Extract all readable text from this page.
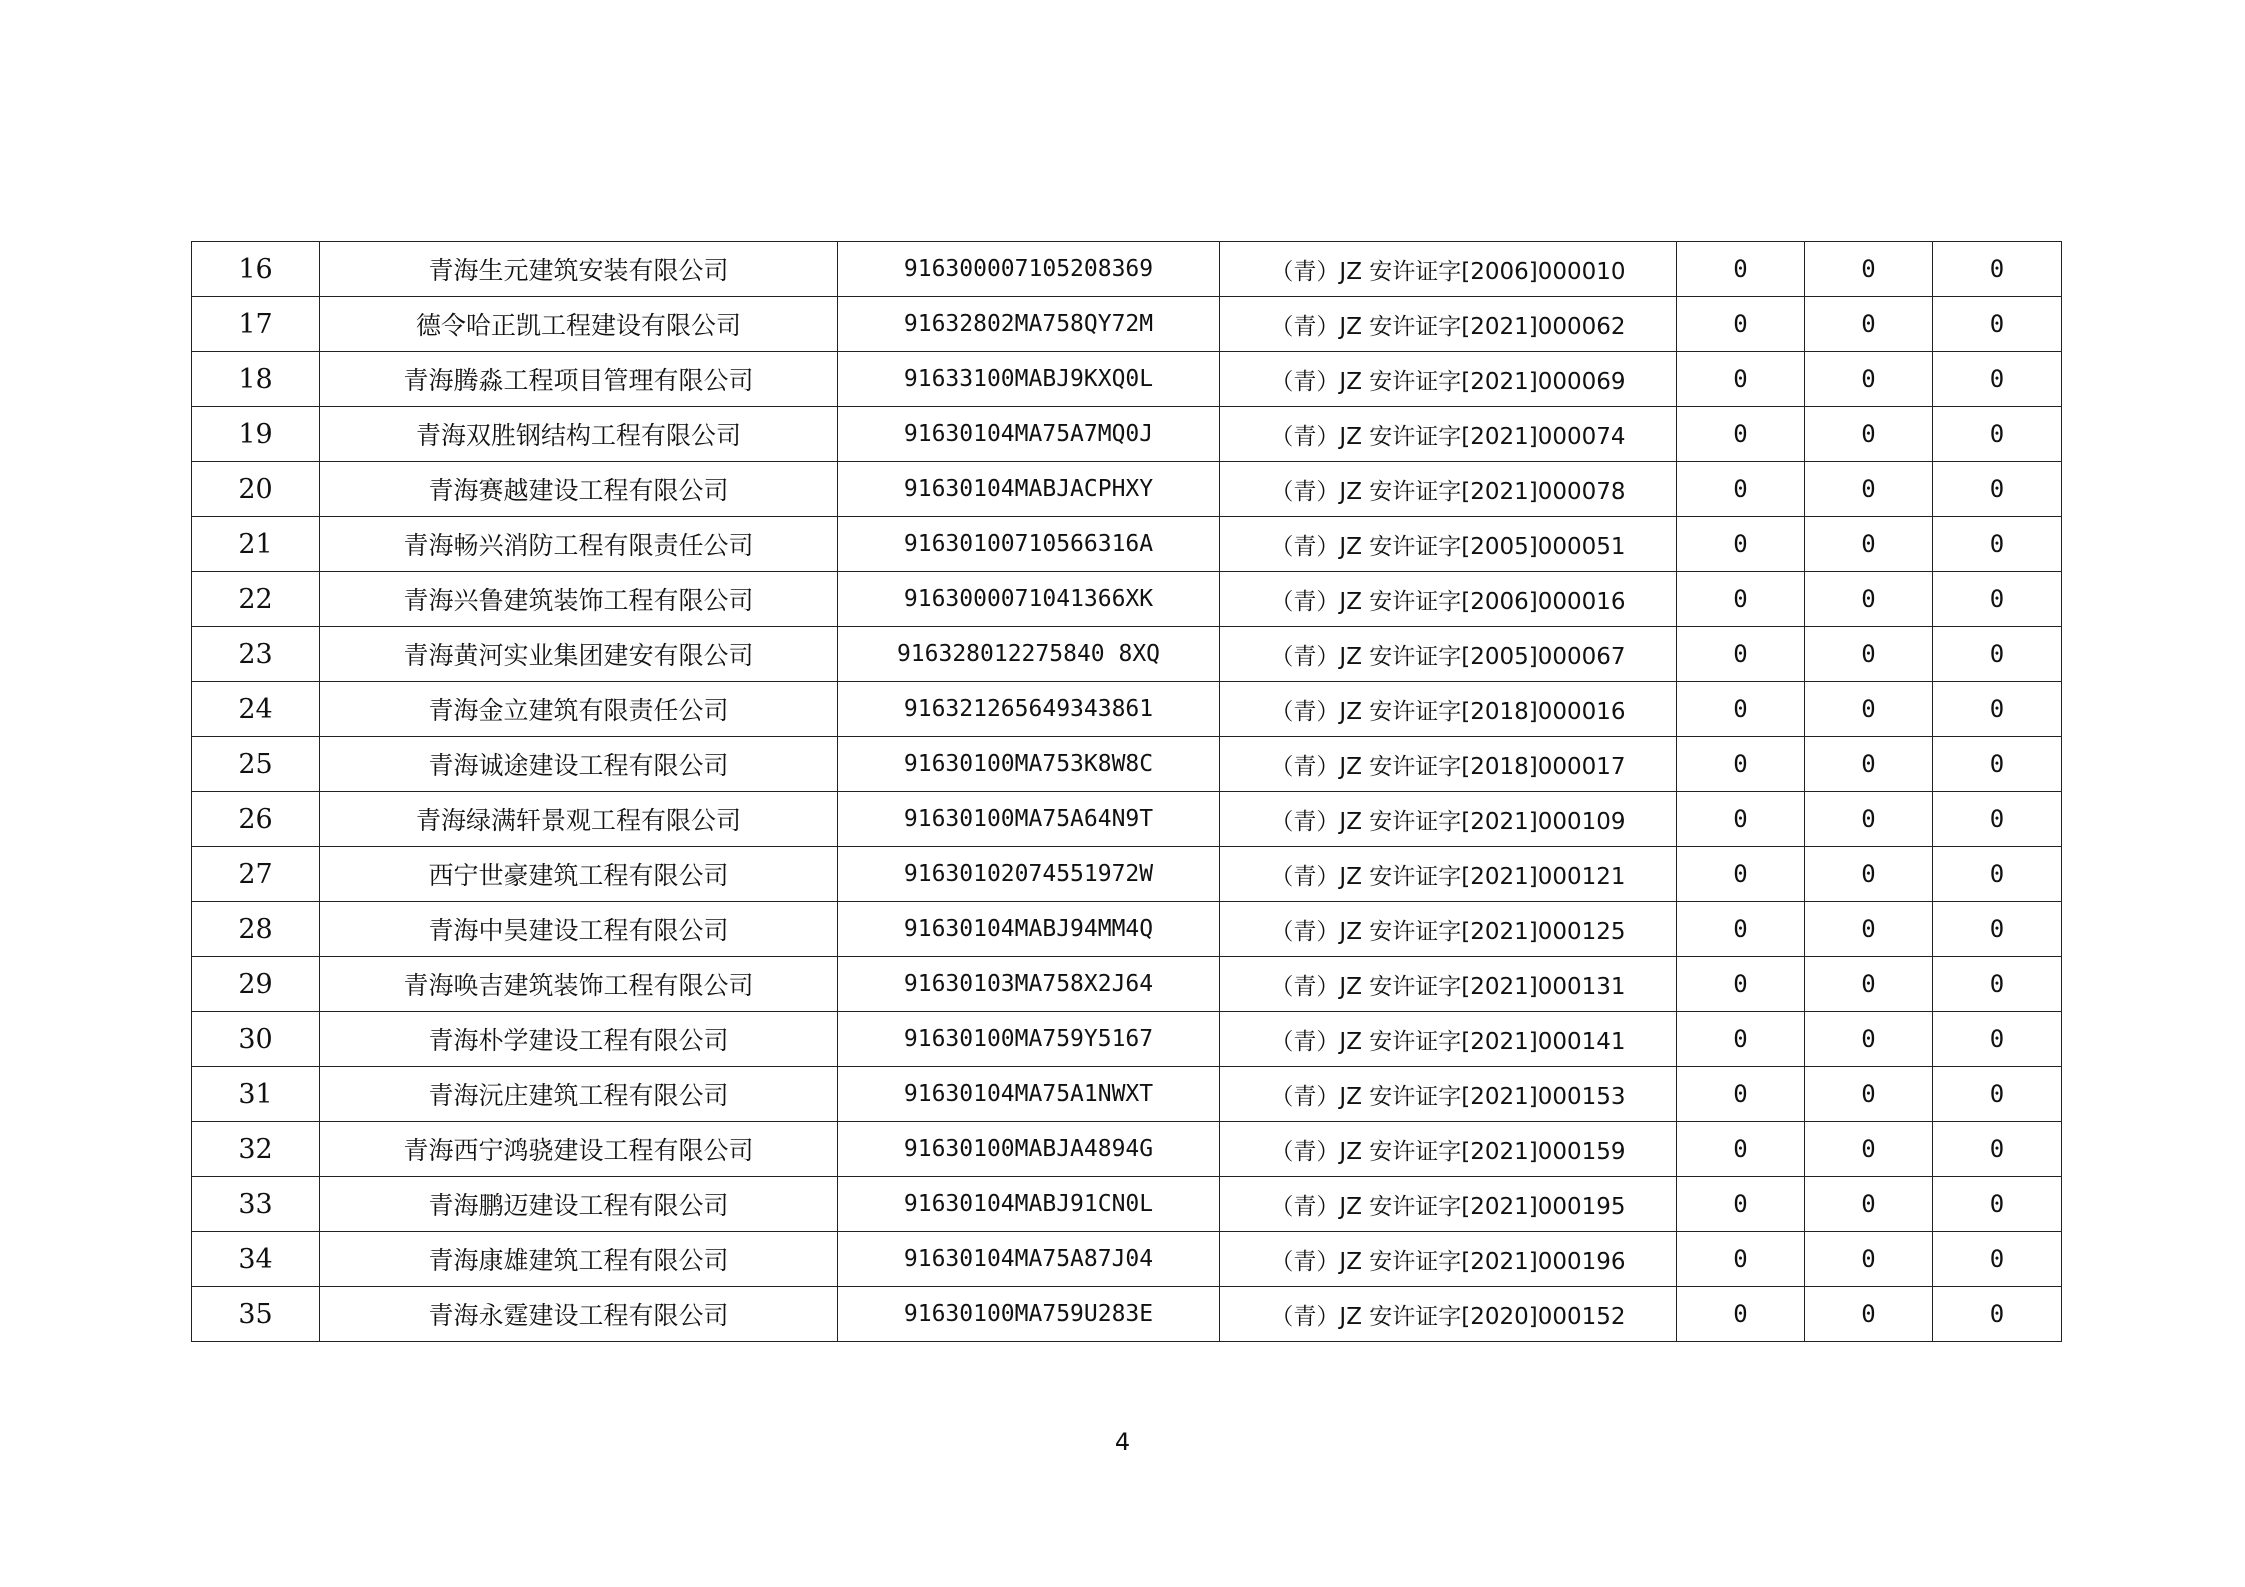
16	青海生元建筑安装有限公司	916300007105208369	（青）JZ 安许证字[2006]000010	0	0	0
17	德令哈正凯工程建设有限公司	91632802MA758QY72M	（青）JZ 安许证字[2021]000062	0	0	0
18	青海腾淼工程项目管理有限公司	91633100MABJ9KXQ0L	（青）JZ 安许证字[2021]000069	0	0	0
19	青海双胜钢结构工程有限公司	91630104MA75A7MQ0J	（青）JZ 安许证字[2021]000074	0	0	0
20	青海赛越建设工程有限公司	91630104MABJACPHXY	（青）JZ 安许证字[2021]000078	0	0	0
21	青海畅兴消防工程有限责任公司	91630100710566316A	（青）JZ 安许证字[2005]000051	0	0	0
22	青海兴鲁建筑装饰工程有限公司	9163000071041366XK	（青）JZ 安许证字[2006]000016	0	0	0
23	青海黄河实业集团建安有限公司	916328012275840 8XQ	（青）JZ 安许证字[2005]000067	0	0	0
24	青海金立建筑有限责任公司	916321265649343861	（青）JZ 安许证字[2018]000016	0	0	0
25	青海诚途建设工程有限公司	91630100MA753K8W8C	（青）JZ 安许证字[2018]000017	0	0	0
26	青海绿满轩景观工程有限公司	91630100MA75A64N9T	（青）JZ 安许证字[2021]000109	0	0	0
27	西宁世豪建筑工程有限公司	91630102074551972W	（青）JZ 安许证字[2021]000121	0	0	0
28	青海中昊建设工程有限公司	91630104MABJ94MM4Q	（青）JZ 安许证字[2021]000125	0	0	0
29	青海唤吉建筑装饰工程有限公司	91630103MA758X2J64	（青）JZ 安许证字[2021]000131	0	0	0
30	青海朴学建设工程有限公司	91630100MA759Y5167	（青）JZ 安许证字[2021]000141	0	0	0
31	青海沅庄建筑工程有限公司	91630104MA75A1NWXT	（青）JZ 安许证字[2021]000153	0	0	0
32	青海西宁鸿骁建设工程有限公司	91630100MABJA4894G	（青）JZ 安许证字[2021]000159	0	0	0
33	青海鹏迈建设工程有限公司	91630104MABJ91CN0L	（青）JZ 安许证字[2021]000195	0	0	0
34	青海康雄建筑工程有限公司	91630104MA75A87J04	（青）JZ 安许证字[2021]000196	0	0	0
35	青海永霆建设工程有限公司	91630100MA759U283E	（青）JZ 安许证字[2020]000152	0	0	0
4
